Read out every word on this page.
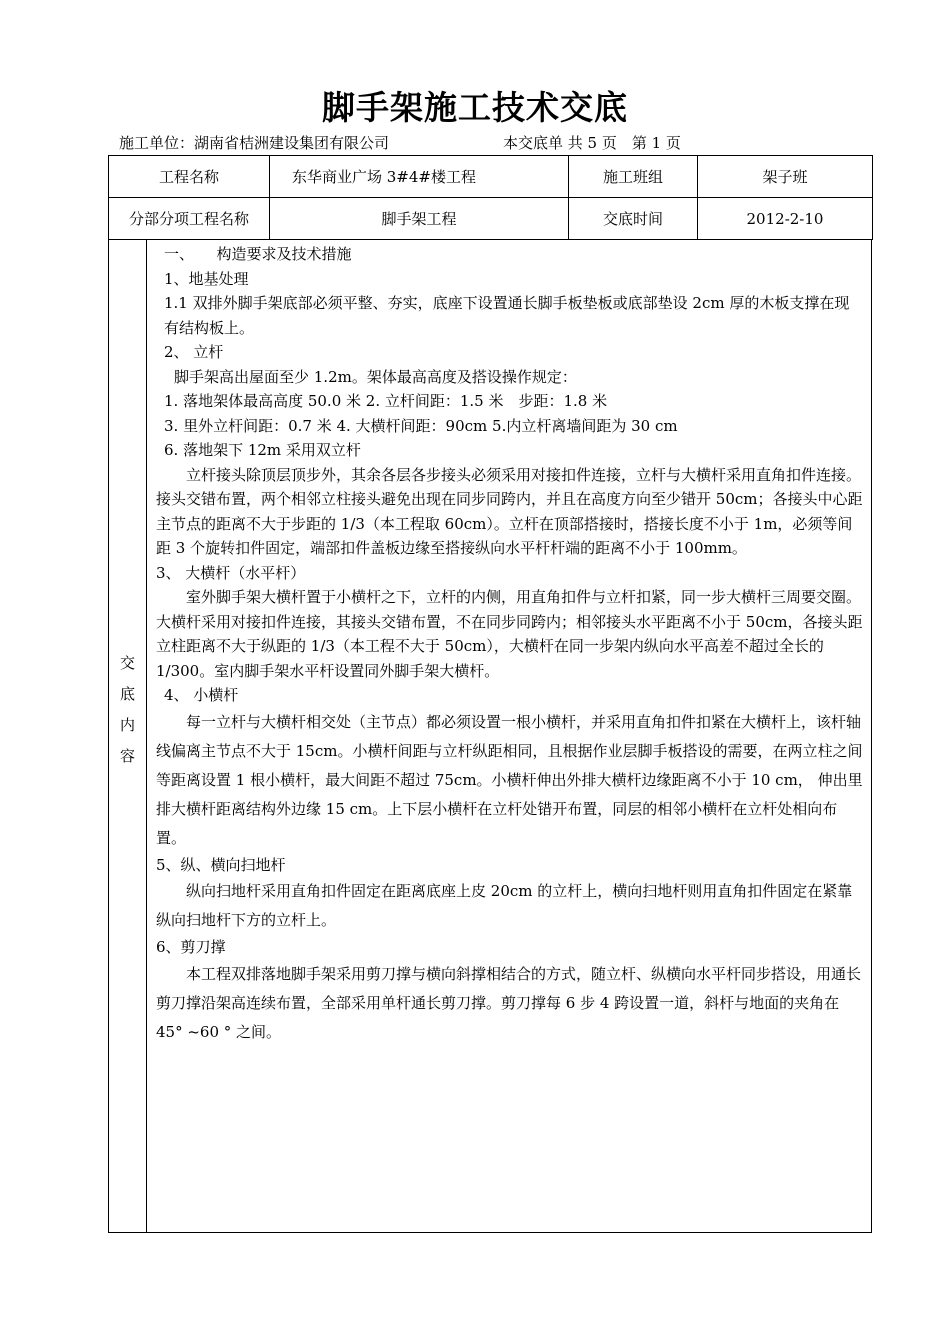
脚手架施工技术交底
施工单位：湖南省桔洲建设集团有限公司	本交底单 共 5 页　第 1 页
工程名称	东华商业广场 3#4#楼工程	施工班组	架子班
分部分项工程名称	脚手架工程	交底时间	2012-2-10
交
底
内
容

一、　　构造要求及技术措施

1、地基处理

1.1 双排外脚手架底部必须平整、夯实，底座下设置通长脚手板垫板或底部垫设 2cm 厚的木板支撑在现有结构板上。

2、 立杆

脚手架高出屋面至少 1.2m。架体最高高度及搭设操作规定：

1. 落地架体最高高度 50.0 米 2. 立杆间距：1.5 米　步距：1.8 米

3. 里外立杆间距：0.7 米 4. 大横杆间距：90cm 5.内立杆离墙间距为 30 cm

6. 落地架下 12m 采用双立杆

立杆接头除顶层顶步外，其余各层各步接头必须采用对接扣件连接，立杆与大横杆采用直角扣件连接。接头交错布置，两个相邻立柱接头避免出现在同步同跨内，并且在高度方向至少错开 50cm；各接头中心距主节点的距离不大于步距的 1/3（本工程取 60cm）。立杆在顶部搭接时，搭接长度不小于 1m，必须等间距 3 个旋转扣件固定，端部扣件盖板边缘至搭接纵向水平杆杆端的距离不小于 100mm。

3、 大横杆（水平杆）

室外脚手架大横杆置于小横杆之下，立杆的内侧，用直角扣件与立杆扣紧，同一步大横杆三周要交圈。大横杆采用对接扣件连接，其接头交错布置，不在同步同跨内；相邻接头水平距离不小于 50cm，各接头距立柱距离不大于纵距的 1/3（本工程不大于 50cm），大横杆在同一步架内纵向水平高差不超过全长的 1/300。室内脚手架水平杆设置同外脚手架大横杆。

4、 小横杆

每一立杆与大横杆相交处（主节点）都必须设置一根小横杆，并采用直角扣件扣紧在大横杆上，该杆轴线偏离主节点不大于 15cm。小横杆间距与立杆纵距相同，且根据作业层脚手板搭设的需要，在两立柱之间等距离设置 1 根小横杆，最大间距不超过 75cm。小横杆伸出外排大横杆边缘距离不小于 10 cm， 伸出里排大横杆距离结构外边缘 15 cm。上下层小横杆在立杆处错开布置，同层的相邻小横杆在立杆处相向布置。

5、纵、横向扫地杆

纵向扫地杆采用直角扣件固定在距离底座上皮 20cm 的立杆上，横向扫地杆则用直角扣件固定在紧靠纵向扫地杆下方的立杆上。

6、剪刀撑

本工程双排落地脚手架采用剪刀撑与横向斜撑相结合的方式，随立杆、纵横向水平杆同步搭设，用通长剪刀撑沿架高连续布置，全部采用单杆通长剪刀撑。剪刀撑每 6 步 4 跨设置一道，斜杆与地面的夹角在 45° ~60 ° 之间。
